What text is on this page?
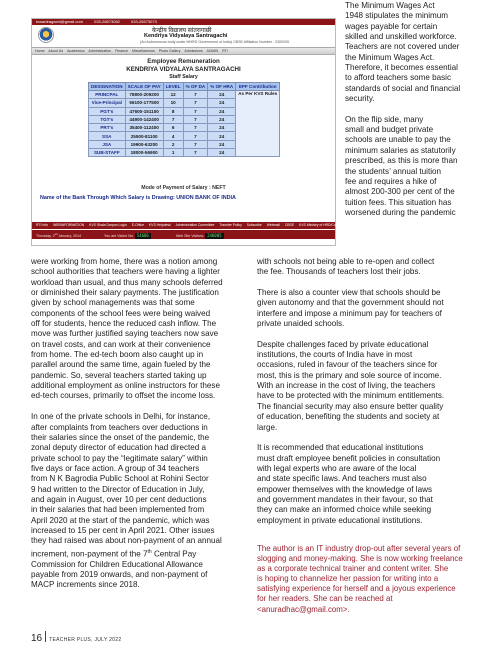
kvsantragachi@gmail.com	033-26573082	033-26573073
केन्द्रीय विद्यालय सांतरागाछी
Kendriya Vidyalaya Santragachi
(An Autonomous body under MHRD Government of India) CBSE Affiliation Number : 2300039
Home About Us Academics Administration Finance Miscellaneous Photo Gallery Admissions ADMIN RTI
Employee Remuneration
KENDRIYA VIDYALAYA SANTRAGACHI
Staff Salary
DESIGNATION	SCALE OF PAY	LEVEL	% OF DA	% OF HRA	EPF Contribution
PRINCPAL	78800-209200	12	7	24	As Per KVS Rules
Vice-Principal	56100-177500	10	7	24	
PGT's	47600-151100	8	7	24	
TGT's	44900-142400	7	7	24	
PRT's	35400-112400	6	7	24	
SSA	25500-81100	4	7	24	
JSA	19900-63200	2	7	24	
SUB-STAFF	18000-56900	1	7	24	
Mode of Payment of Salary : NEFT
Name of the Bank Through Which Salary is Drawing: UNION BANK OF INDIA
RTI Info WEBINFORMATION KVS Shala Darpan Login E-Office KVS Helpdesk Administration Committee Transfer Policy Subscribe Webmail CBSE KVS Ministry of HRD/Cons Feedback Contact Us
Thursday, 2nd January, 2014	You are Visitor No. 54686	Web Site Visitors: 246005
The Minimum Wages Act
1948 stipulates the minimum
wages payable for certain
skilled and unskilled workforce.
Teachers are not covered under
the Minimum Wages Act.
Therefore, it becomes essential
to afford teachers some basic
standards of social and financial
security.
On the flip side, many
small and budget private
schools are unable to pay the
minimum salaries as statutorily
prescribed, as this is more than
the students’ annual tuition
fee and requires a hike of
almost 200-300 per cent of the
tuition fees. This situation has
worsened during the pandemic
were working from home, there was a notion among
school authorities that teachers were having a lighter
workload than usual, and thus many schools deferred
or diminished their salary payments. The justification
given by school managements was that some
components of the school fees were being waived
off for students, hence the reduced cash inflow. The
move was further justified saying teachers now save
on travel costs, and can work at their convenience
from home. The ed-tech boom also caught up in
parallel around the same time, again fueled by the
pandemic. So, several teachers started taking up
additional employment as online instructors for these
ed-tech courses, primarily to offset the income loss.
In one of the private schools in Delhi, for instance,
after complaints from teachers over deductions in
their salaries since the onset of the pandemic, the
zonal deputy director of education had directed a
private school to pay the “legitimate salary” within
five days or face action. A group of 34 teachers
from N K Bagrodia Public School at Rohini Sector
9 had written to the Director of Education in July,
and again in August, over 10 per cent deductions
in their salaries that had been implemented from
April 2020 at the start of the pandemic, which was
increased to 15 per cent in April 2021. Other issues
they had raised was about non-payment of an annual
increment, non-payment of the 7th Central Pay
Commission for Children Educational Allowance
payable from 2019 onwards, and non-payment of
MACP increments since 2018.
with schools not being able to re-open and collect
the fee. Thousands of teachers lost their jobs.
There is also a counter view that schools should be
given autonomy and that the government should not
interfere and impose a minimum pay for teachers of
private unaided schools.
Despite challenges faced by private educational
institutions, the courts of India have in most
occasions, ruled in favour of the teachers since for
most, this is the primary and sole source of income.
With an increase in the cost of living, the teachers
have to be protected with the minimum entitlements.
The financial security may also ensure better quality
of education, benefiting the students and society at
large.
It is recommended that educational institutions
must draft employee benefit policies in consultation
with legal experts who are aware of the local
and state specific laws. And teachers must also
empower themselves with the knowledge of laws
and government mandates in their favour, so that
they can make an informed choice while seeking
employment in private educational institutions.
The author is an IT industry drop-out after several years of
slogging and money-making. She is now working freelance
as a corporate technical trainer and content writer. She
is hoping to channelize her passion for writing into a
satisfying experience for herself and a joyous experience
for her readers. She can be reached at
<anuradhac@gmail.com>.
16 TEACHER PLUS, JULY 2022
